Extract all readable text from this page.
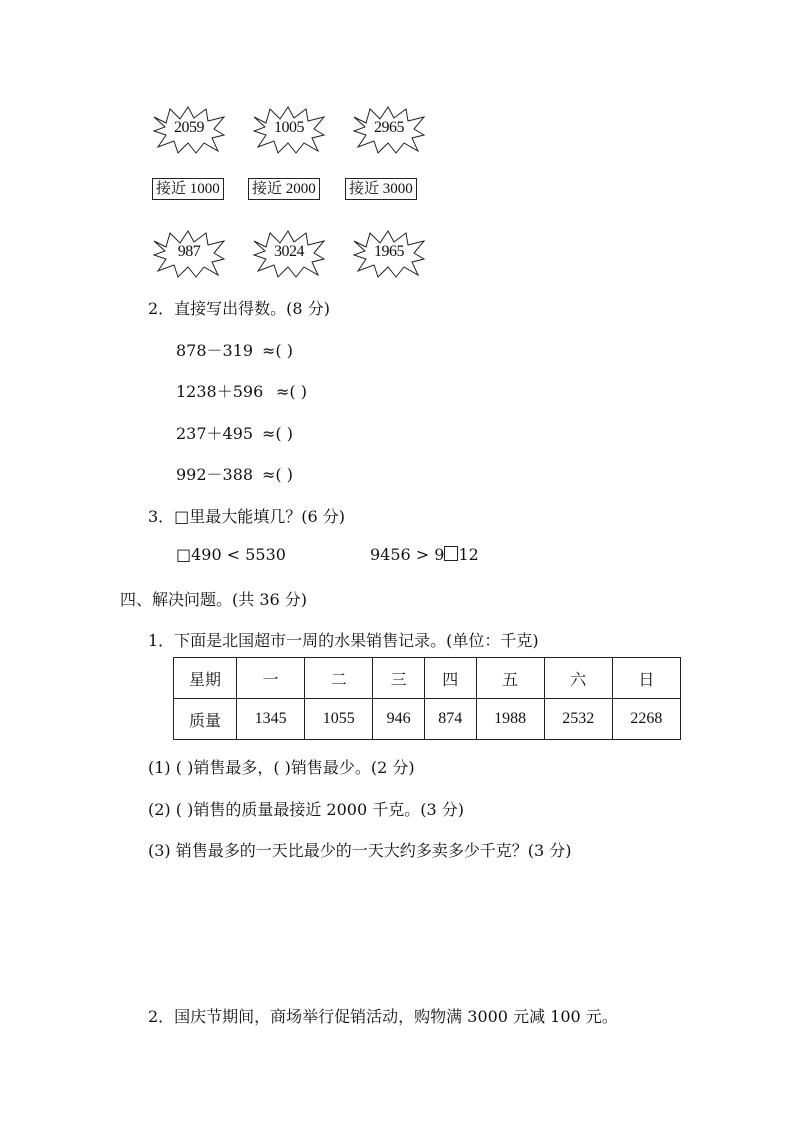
2059	1005	2965
接近 1000 接近 2000 接近 3000
987	3024	1965
2．直接写出得数。(8 分)
878－319 ≈( )
1238＋596 ≈( )
237＋495 ≈( )
992－388 ≈( )
3．□里最大能填几？(6 分)
□490 < 5530	9456 > 9 12
四、解决问题。(共 36 分)
1．下面是北国超市一周的水果销售记录。(单位：千克)
星期	一	二	三	四	五	六	日
质量	1345	1055	946	874	1988	2532	2268
(1) ( )销售最多，( )销售最少。(2 分)
(2) ( )销售的质量最接近 2000 千克。(3 分)
(3) 销售最多的一天比最少的一天大约多卖多少千克？(3 分)
2．国庆节期间，商场举行促销活动，购物满 3000 元减 100 元。
